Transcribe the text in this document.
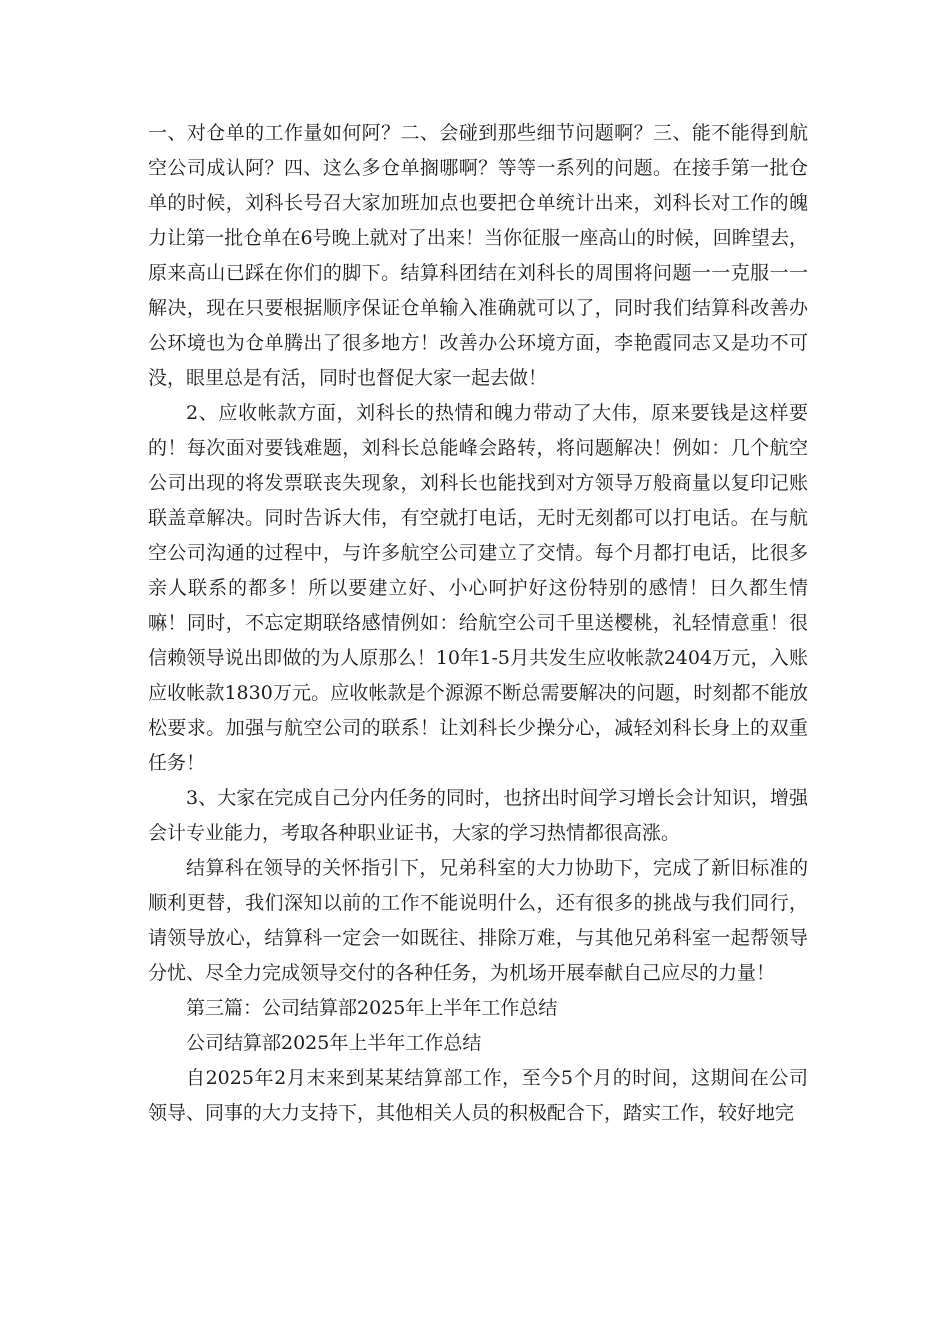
一、对仓单的工作量如何阿？二、会碰到那些细节问题啊？三、能不能得到航空公司成认阿？四、这么多仓单搁哪啊？等等一系列的问题。在接手第一批仓单的时候，刘科长号召大家加班加点也要把仓单统计出来，刘科长对工作的魄力让第一批仓单在6号晚上就对了出来！当你征服一座高山的时候，回眸望去，原来高山已踩在你们的脚下。结算科团结在刘科长的周围将问题一一克服一一解决，现在只要根据顺序保证仓单输入准确就可以了，同时我们结算科改善办公环境也为仓单腾出了很多地方！改善办公环境方面，李艳霞同志又是功不可没，眼里总是有活，同时也督促大家一起去做！

2、应收帐款方面，刘科长的热情和魄力带动了大伟，原来要钱是这样要的！每次面对要钱难题，刘科长总能峰会路转，将问题解决！例如：几个航空公司出现的将发票联丧失现象，刘科长也能找到对方领导万般商量以复印记账联盖章解决。同时告诉大伟，有空就打电话，无时无刻都可以打电话。在与航空公司沟通的过程中，与许多航空公司建立了交情。每个月都打电话，比很多亲人联系的都多！所以要建立好、小心呵护好这份特别的感情！日久都生情嘛！同时，不忘定期联络感情例如：给航空公司千里送樱桃，礼轻情意重！很信赖领导说出即做的为人原那么！10年1-5月共发生应收帐款2404万元，入账应收帐款1830万元。应收帐款是个源源不断总需要解决的问题，时刻都不能放松要求。加强与航空公司的联系！让刘科长少操分心，减轻刘科长身上的双重任务！

3、大家在完成自己分内任务的同时，也挤出时间学习增长会计知识，增强会计专业能力，考取各种职业证书，大家的学习热情都很高涨。

结算科在领导的关怀指引下，兄弟科室的大力协助下，完成了新旧标准的顺利更替，我们深知以前的工作不能说明什么，还有很多的挑战与我们同行，请领导放心，结算科一定会一如既往、排除万难，与其他兄弟科室一起帮领导分忧、尽全力完成领导交付的各种任务，为机场开展奉献自己应尽的力量！

第三篇：公司结算部2025年上半年工作总结

公司结算部2025年上半年工作总结

自2025年2月末来到某某结算部工作，至今5个月的时间，这期间在公司领导、同事的大力支持下，其他相关人员的积极配合下，踏实工作，较好地完
